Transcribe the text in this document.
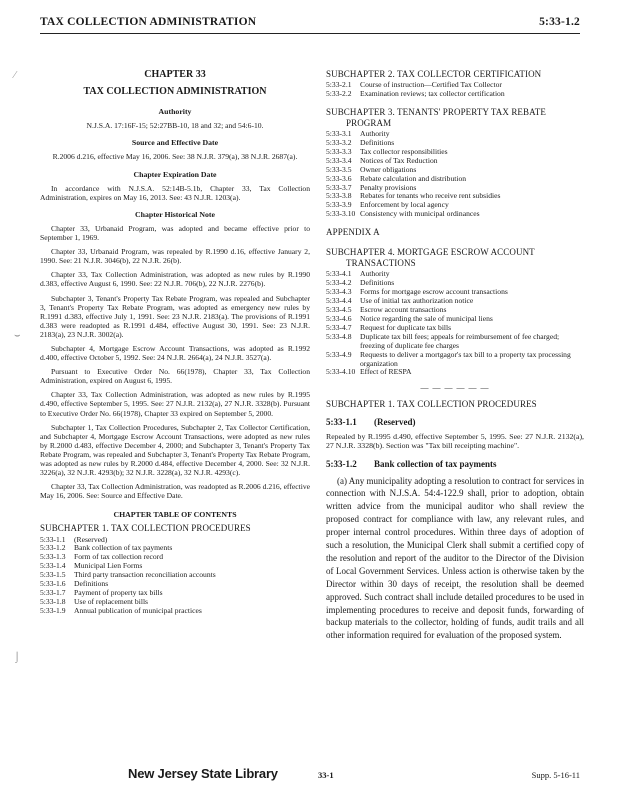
TAX COLLECTION ADMINISTRATION	5:33-1.2
⁄
⌣
⌡
CHAPTER 33
TAX COLLECTION ADMINISTRATION
Authority

N.J.S.A. 17:16F-15; 52:27BB-10, 18 and 32; and 54:6-10.

Source and Effective Date

R.2006 d.216, effective May 16, 2006. See: 38 N.J.R. 379(a), 38 N.J.R. 2687(a).

Chapter Expiration Date

In accordance with N.J.S.A. 52:14B-5.1b, Chapter 33, Tax Collection Administration, expires on May 16, 2013. See: 43 N.J.R. 1203(a).

Chapter Historical Note

Chapter 33, Urbanaid Program, was adopted and became effective prior to September 1, 1969.

Chapter 33, Urbanaid Program, was repealed by R.1990 d.16, effective January 2, 1990. See: 21 N.J.R. 3046(b), 22 N.J.R. 26(b).

Chapter 33, Tax Collection Administration, was adopted as new rules by R.1990 d.383, effective August 6, 1990. See: 22 N.J.R. 706(b), 22 N.J.R. 2276(b).

Subchapter 3, Tenant's Property Tax Rebate Program, was repealed and Subchapter 3, Tenant's Property Tax Rebate Program, was adopted as emergency new rules by R.1991 d.383, effective July 1, 1991. See: 23 N.J.R. 2183(a). The provisions of R.1991 d.383 were readopted as R.1991 d.484, effective August 30, 1991. See: 23 N.J.R. 2183(a), 23 N.J.R. 3002(a).

Subchapter 4, Mortgage Escrow Account Transactions, was adopted as R.1992 d.400, effective October 5, 1992. See: 24 N.J.R. 2664(a), 24 N.J.R. 3527(a).

Pursuant to Executive Order No. 66(1978), Chapter 33, Tax Collection Administration, expired on August 6, 1995.

Chapter 33, Tax Collection Administration, was adopted as new rules by R.1995 d.490, effective September 5, 1995. See: 27 N.J.R. 2132(a), 27 N.J.R. 3328(b). Pursuant to Executive Order No. 66(1978), Chapter 33 expired on September 5, 2000.

Subchapter 1, Tax Collection Procedures, Subchapter 2, Tax Collector Certification, and Subchapter 4, Mortgage Escrow Account Transactions, were adopted as new rules by R.2000 d.483, effective December 4, 2000; and Subchapter 3, Tenant's Property Tax Rebate Program, was repealed and Subchapter 3, Tenant's Property Tax Rebate Program, was adopted as new rules by R.2000 d.484, effective December 4, 2000. See: 32 N.J.R. 3226(a), 32 N.J.R. 4293(b); 32 N.J.R. 3228(a), 32 N.J.R. 4293(c).

Chapter 33, Tax Collection Administration, was readopted as R.2006 d.216, effective May 16, 2006. See: Source and Effective Date.

CHAPTER TABLE OF CONTENTS
SUBCHAPTER 1. TAX COLLECTION PROCEDURES
5:33-1.1	(Reserved)
5:33-1.2	Bank collection of tax payments
5:33-1.3	Form of tax collection record
5:33-1.4	Municipal Lien Forms
5:33-1.5	Third party transaction reconciliation accounts
5:33-1.6	Definitions
5:33-1.7	Payment of property tax bills
5:33-1.8	Use of replacement bills
5:33-1.9	Annual publication of municipal practices
SUBCHAPTER 2. TAX COLLECTOR CERTIFICATION
5:33-2.1	Course of instruction—Certified Tax Collector
5:33-2.2	Examination reviews; tax collector certification
SUBCHAPTER 3. TENANTS' PROPERTY TAX REBATE
PROGRAM
5:33-3.1	Authority
5:33-3.2	Definitions
5:33-3.3	Tax collector responsibilities
5:33-3.4	Notices of Tax Reduction
5:33-3.5	Owner obligations
5:33-3.6	Rebate calculation and distribution
5:33-3.7	Penalty provisions
5:33-3.8	Rebates for tenants who receive rent subsidies
5:33-3.9	Enforcement by local agency
5:33-3.10 Consistency with municipal ordinances
APPENDIX A
SUBCHAPTER 4. MORTGAGE ESCROW ACCOUNT
TRANSACTIONS
5:33-4.1	Authority
5:33-4.2	Definitions
5:33-4.3	Forms for mortgage escrow account transactions
5:33-4.4	Use of initial tax authorization notice
5:33-4.5	Escrow account transactions
5:33-4.6	Notice regarding the sale of municipal liens
5:33-4.7	Request for duplicate tax bills
5:33-4.8	Duplicate tax bill fees; appeals for reimbursement of fee charged; freezing of duplicate fee charges
5:33-4.9	Requests to deliver a mortgagor's tax bill to a property tax processing organization
5:33-4.10 Effect of RESPA
— — — — — —
SUBCHAPTER 1. TAX COLLECTION PROCEDURES
5:33-1.1 (Reserved)

Repealed by R.1995 d.490, effective September 5, 1995. See: 27 N.J.R. 2132(a), 27 N.J.R. 3328(b). Section was "Tax bill receipting machine".

5:33-1.2 Bank collection of tax payments

(a) Any municipality adopting a resolution to contract for services in connection with N.J.S.A. 54:4-122.9 shall, prior to adoption, obtain written advice from the municipal auditor who shall review the proposed contract for compliance with law, any relevant rules, and proper internal control procedures. Within three days of adoption of such a resolution, the Municipal Clerk shall submit a certified copy of the resolution and report of the auditor to the Director of the Division of Local Government Services. Unless action is otherwise taken by the Director within 30 days of receipt, the resolution shall be deemed approved. Such contract shall include detailed procedures to be used in implementing procedures to receive and deposit funds, forwarding of backup materials to the collector, holding of funds, audit trails and all other information required for evaluation of the proposed system.

New Jersey State Library	33-1	Supp. 5-16-11
